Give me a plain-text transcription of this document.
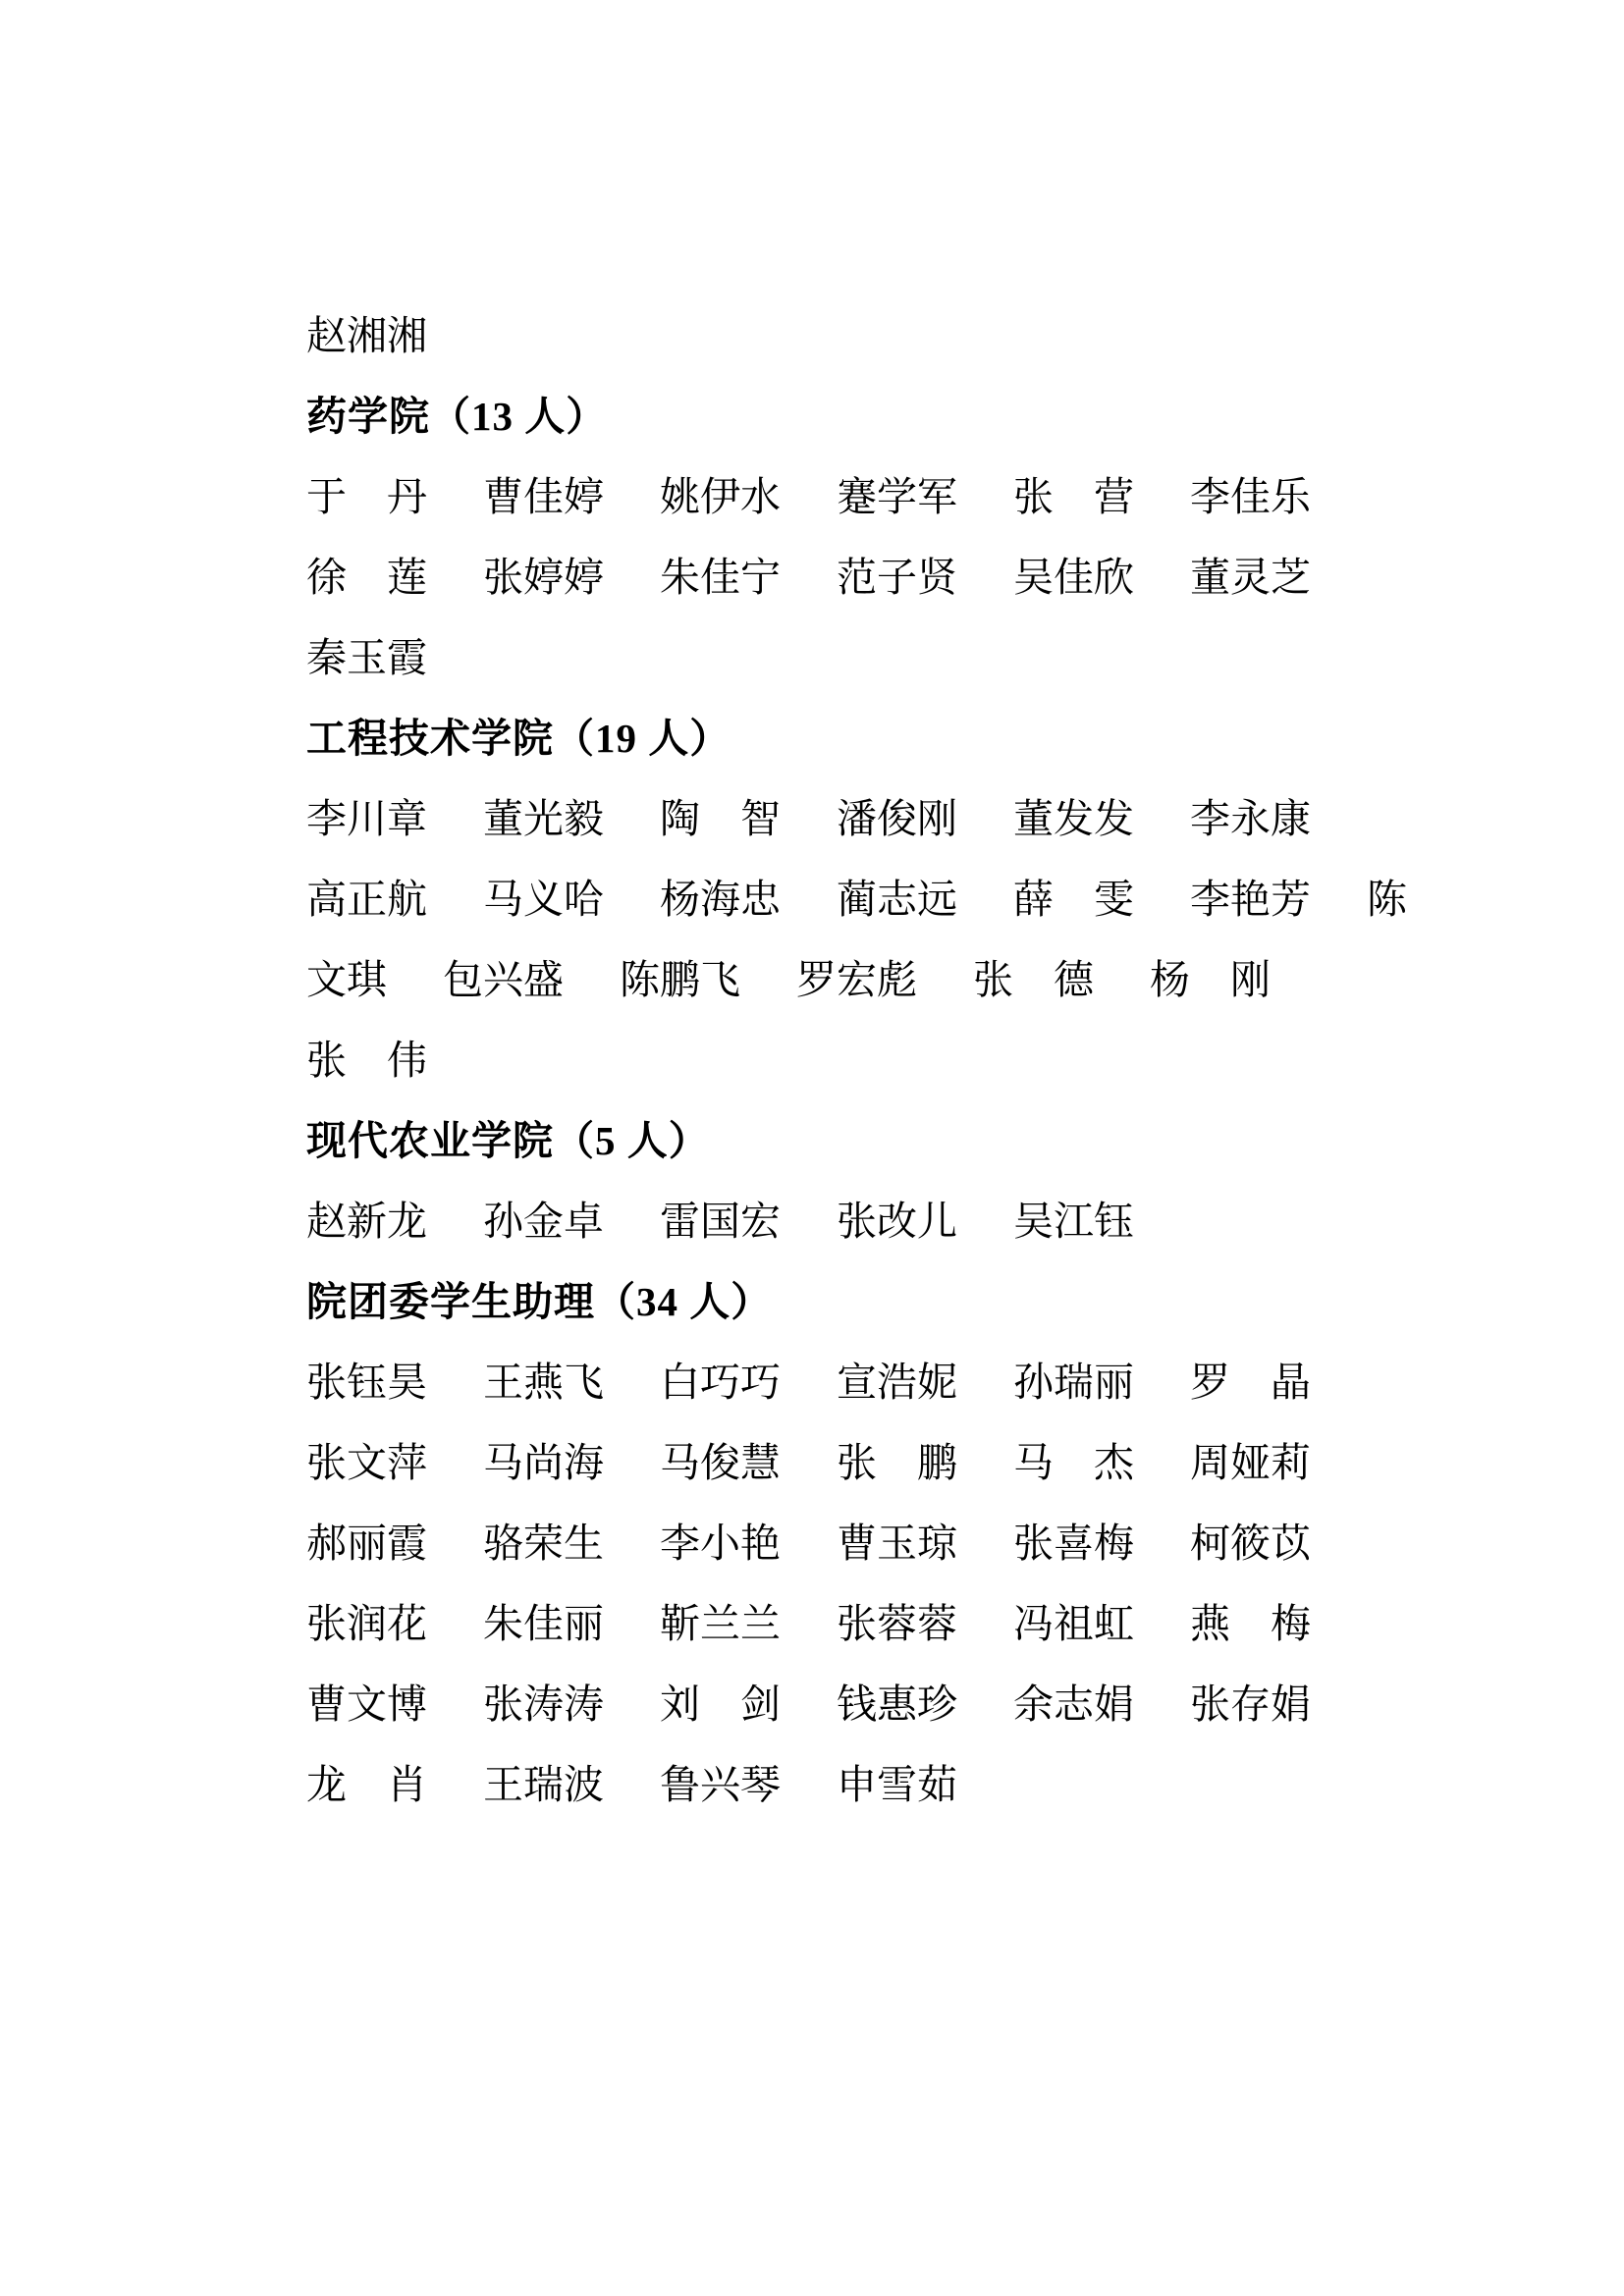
赵湘湘
药学院（13 人）
于　丹 曹佳婷 姚伊水 蹇学军 张　营 李佳乐
徐　莲 张婷婷 朱佳宁 范子贤 吴佳欣 董灵芝
秦玉霞
工程技术学院（19 人）
李川章 董光毅 陶　智 潘俊刚 董发发 李永康
高正航 马义哈 杨海忠 蔺志远 薛　雯 李艳芳 陈
文琪 包兴盛 陈鹏飞 罗宏彪 张　德 杨　刚
张　伟
现代农业学院（5 人）
赵新龙 孙金卓 雷国宏 张改儿 吴江钰
院团委学生助理（34 人）
张钰昊 王燕飞 白巧巧 宣浩妮 孙瑞丽 罗　晶
张文萍 马尚海 马俊慧 张　鹏 马　杰 周娅莉
郝丽霞 骆荣生 李小艳 曹玉琼 张喜梅 柯筱苡
张润花 朱佳丽 靳兰兰 张蓉蓉 冯祖虹 燕　梅
曹文博 张涛涛 刘　剑 钱惠珍 余志娟 张存娟
龙　肖 王瑞波 鲁兴琴 申雪茹
